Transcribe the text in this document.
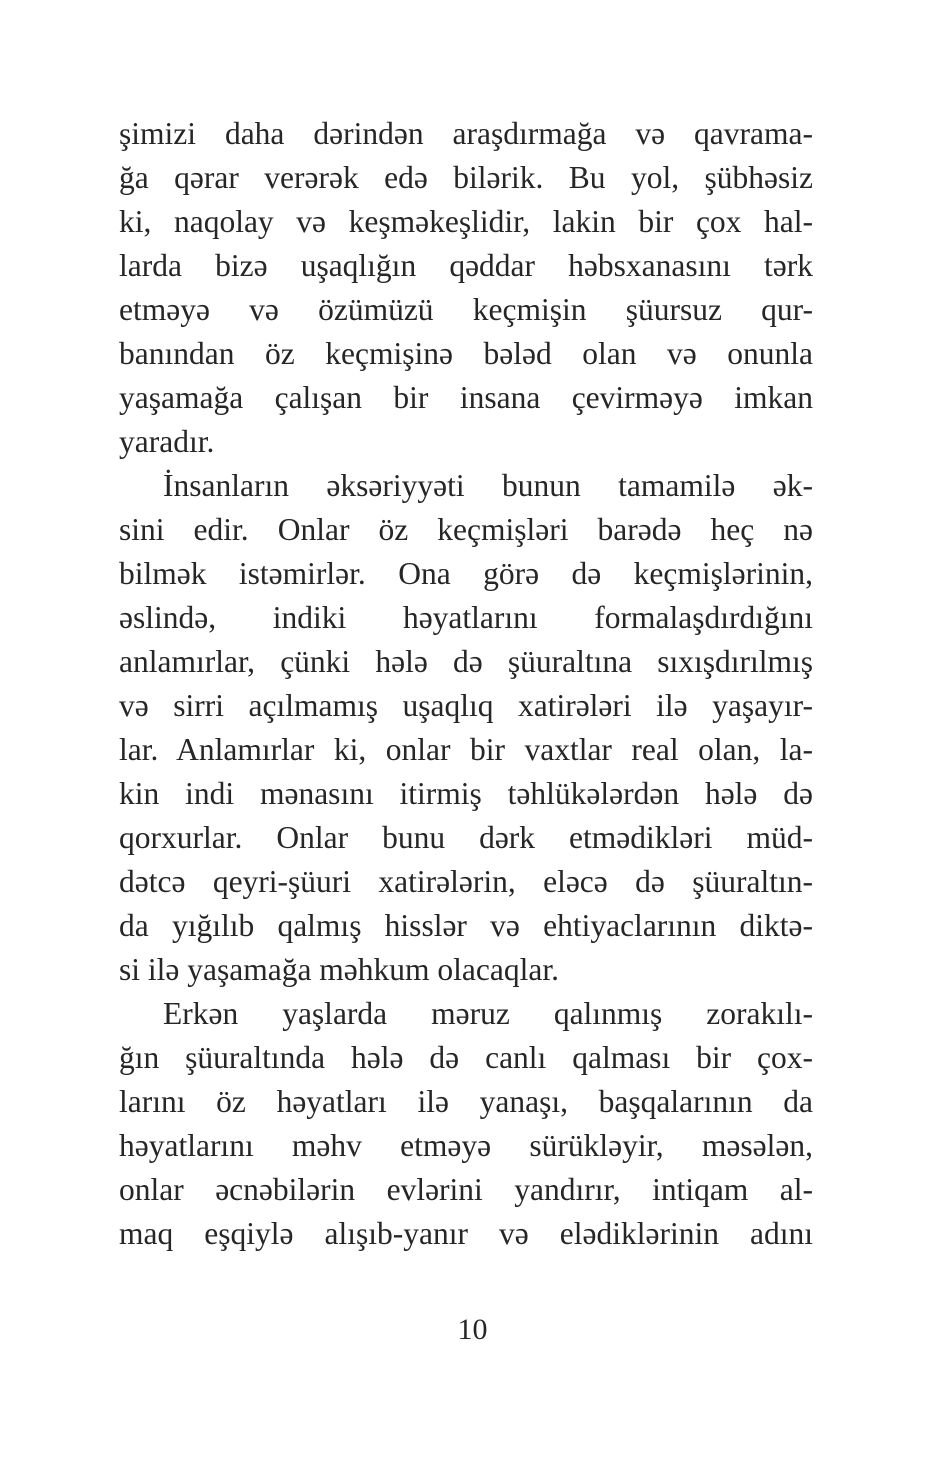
şimizi daha dərindən araşdırmağa və qavrama-
ğa qərar verərək edə bilərik. Bu yol, şübhəsiz
ki, naqolay və keşməkeşlidir, lakin bir çox hal-
larda bizə uşaqlığın qəddar həbsxanasını tərk
etməyə və özümüzü keçmişin şüursuz qur-
banından öz keçmişinə bələd olan və onunla
yaşamağa çalışan bir insana çevirməyə imkan
yaradır.
İnsanların əksəriyyəti bunun tamamilə ək-
sini edir. Onlar öz keçmişləri barədə heç nə
bilmək istəmirlər. Ona görə də keçmişlərinin,
əslində, indiki həyatlarını formalaşdırdığını
anlamırlar, çünki hələ də şüuraltına sıxışdırılmış
və sirri açılmamış uşaqlıq xatirələri ilə yaşayır-
lar. Anlamırlar ki, onlar bir vaxtlar real olan, la-
kin indi mənasını itirmiş təhlükələrdən hələ də
qorxurlar. Onlar bunu dərk etmədikləri müd-
dətcə qeyri-şüuri xatirələrin, eləcə də şüuraltın-
da yığılıb qalmış hisslər və ehtiyaclarının diktə-
si ilə yaşamağa məhkum olacaqlar.
Erkən yaşlarda məruz qalınmış zorakılı-
ğın şüuraltında hələ də canlı qalması bir çox-
larını öz həyatları ilə yanaşı, başqalarının da
həyatlarını məhv etməyə sürükləyir, məsələn,
onlar əcnəbilərin evlərini yandırır, intiqam al-
maq eşqiylə alışıb-yanır və elədiklərinin adını
10
